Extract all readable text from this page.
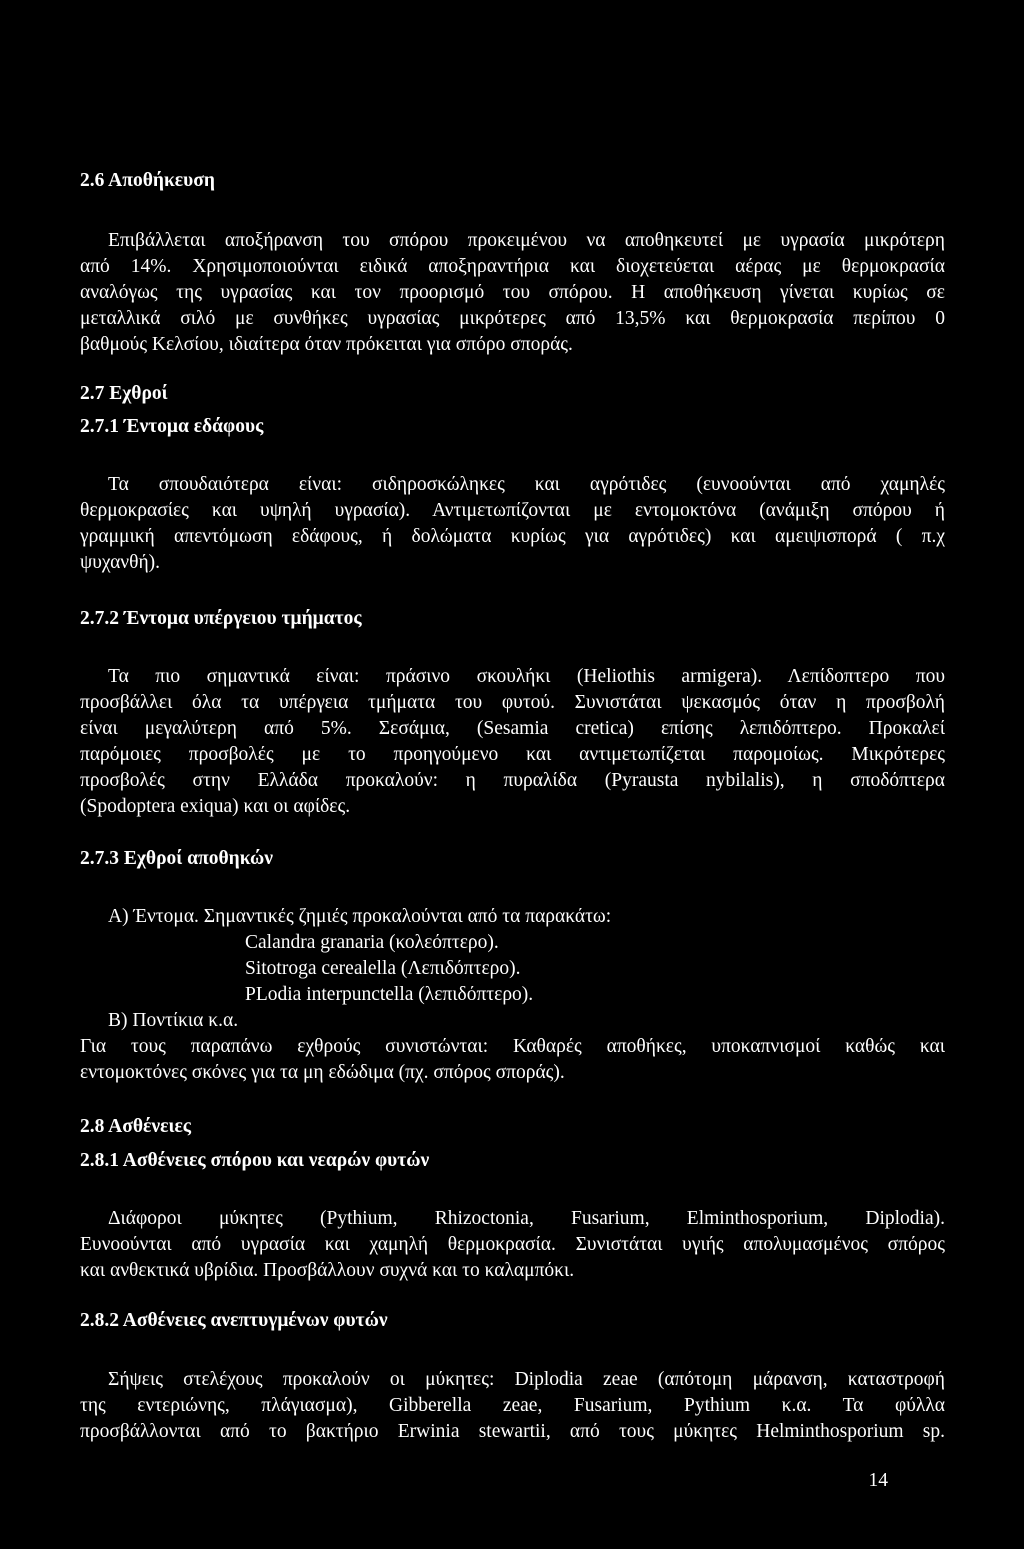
2.6 Αποθήκευση
Επιβάλλεται αποξήρανση του σπόρου προκειμένου να αποθηκευτεί με υγρασία μικρότερη
από 14%. Χρησιμοποιούνται ειδικά αποξηραντήρια και διοχετεύεται αέρας με θερμοκρασία
αναλόγως της υγρασίας και τον προορισμό του σπόρου. Η αποθήκευση γίνεται κυρίως σε
μεταλλικά σιλό με συνθήκες υγρασίας μικρότερες από 13,5% και θερμοκρασία περίπου 0
βαθμούς Κελσίου, ιδιαίτερα όταν πρόκειται για σπόρο σποράς.
2.7 Εχθροί
2.7.1 Έντομα εδάφους
Τα σπουδαιότερα είναι: σιδηροσκώληκες και αγρότιδες (ευνοούνται από χαμηλές
θερμοκρασίες και υψηλή υγρασία). Αντιμετωπίζονται με εντομοκτόνα (ανάμιξη σπόρου ή
γραμμική απεντόμωση εδάφους, ή δολώματα κυρίως για αγρότιδες) και αμειψισπορά ( π.χ
ψυχανθή).
2.7.2 Έντομα υπέργειου τμήματος
Τα πιο σημαντικά είναι: πράσινο σκουλήκι (Heliothis armigera). Λεπίδοπτερο που
προσβάλλει όλα τα υπέργεια τμήματα του φυτού. Συνιστάται ψεκασμός όταν η προσβολή
είναι μεγαλύτερη από 5%. Σεσάμια, (Sesamia cretica) επίσης λεπιδόπτερο. Προκαλεί
παρόμοιες προσβολές με το προηγούμενο και αντιμετωπίζεται παρομοίως. Μικρότερες
προσβολές στην Ελλάδα προκαλούν: η πυραλίδα (Pyrausta nybilalis), η σποδόπτερα
(Spodoptera exiqua) και οι αφίδες.
2.7.3 Εχθροί αποθηκών

A) Έντομα. Σημαντικές ζημιές προκαλούνται από τα παρακάτω:

Calandra granaria (κολεόπτερο).

Sitotroga cerealella (Λεπιδόπτερο).

PLodia interpunctella (λεπιδόπτερο).

B) Ποντίκια κ.α.

Για τους παραπάνω εχθρούς συνιστώνται: Καθαρές αποθήκες, υποκαπνισμοί καθώς και
εντομοκτόνες σκόνες για τα μη εδώδιμα (πχ. σπόρος σποράς).
2.8 Ασθένειες
2.8.1 Ασθένειες σπόρου και νεαρών φυτών
Διάφοροι μύκητες (Pythium, Rhizoctonia, Fusarium, Elminthosporium, Diplodia).
Ευνοούνται από υγρασία και χαμηλή θερμοκρασία. Συνιστάται υγιής απολυμασμένος σπόρος
και ανθεκτικά υβρίδια. Προσβάλλουν συχνά και το καλαμπόκι.
2.8.2 Ασθένειες ανεπτυγμένων φυτών
Σήψεις στελέχους προκαλούν οι μύκητες: Diplodia zeae (απότομη μάρανση, καταστροφή
της εντεριώνης, πλάγιασμα), Gibberella zeae, Fusarium, Pythium κ.α. Τα φύλλα
προσβάλλονται από το βακτήριο Erwinia stewartii, από τους μύκητες Helminthosporium sp.
14
